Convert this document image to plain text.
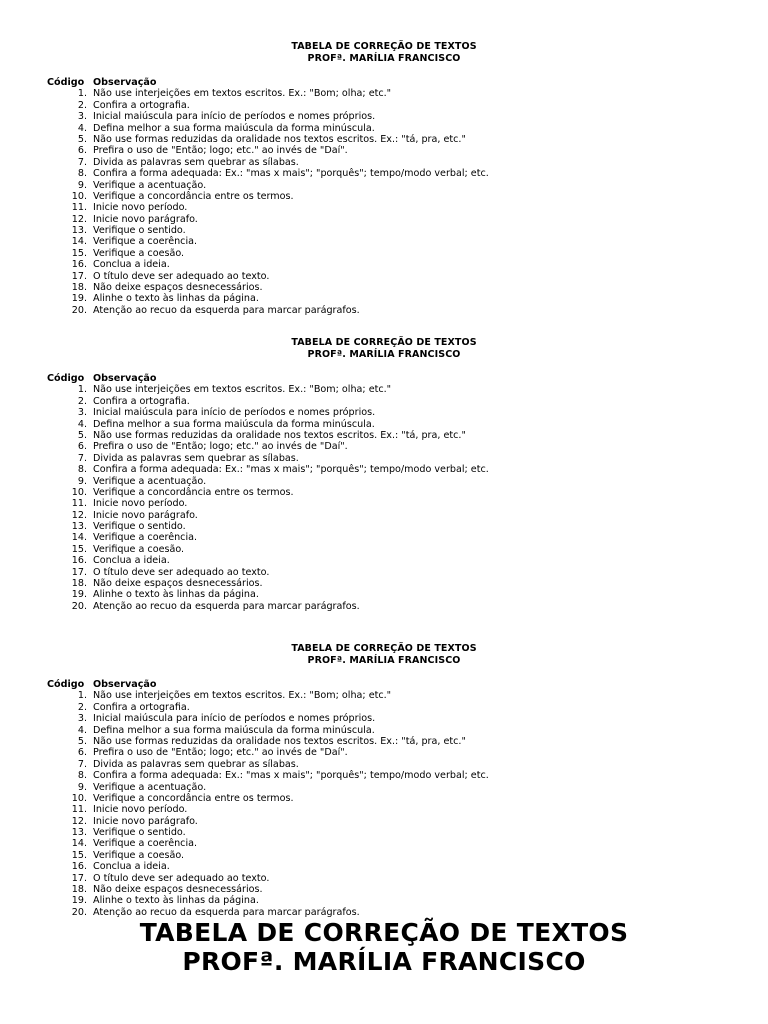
TABELA DE CORREÇÃO DE TEXTOS
PROFª. MARÍLIA FRANCISCO
Código Observação
1. Não use interjeições em textos escritos. Ex.: "Bom; olha; etc."
2. Confira a ortografia.
3. Inicial maiúscula para início de períodos e nomes próprios.
4. Defina melhor a sua forma maiúscula da forma minúscula.
5. Não use formas reduzidas da oralidade nos textos escritos. Ex.: "tá, pra, etc."
6. Prefira o uso de "Então; logo; etc." ao invés de "Daí".
7. Divida as palavras sem quebrar as sílabas.
8. Confira a forma adequada: Ex.: "mas x mais"; "porquês"; tempo/modo verbal; etc.
9. Verifique a acentuação.
10. Verifique a concordância entre os termos.
11. Inicie novo período.
12. Inicie novo parágrafo.
13. Verifique o sentido.
14. Verifique a coerência.
15. Verifique a coesão.
16. Conclua a ideia.
17. O título deve ser adequado ao texto.
18. Não deixe espaços desnecessários.
19. Alinhe o texto às linhas da página.
20. Atenção ao recuo da esquerda para marcar parágrafos.
TABELA DE CORREÇÃO DE TEXTOS
PROFª. MARÍLIA FRANCISCO
Código Observação
1. Não use interjeições em textos escritos. Ex.: "Bom; olha; etc."
2. Confira a ortografia.
3. Inicial maiúscula para início de períodos e nomes próprios.
4. Defina melhor a sua forma maiúscula da forma minúscula.
5. Não use formas reduzidas da oralidade nos textos escritos. Ex.: "tá, pra, etc."
6. Prefira o uso de "Então; logo; etc." ao invés de "Daí".
7. Divida as palavras sem quebrar as sílabas.
8. Confira a forma adequada: Ex.: "mas x mais"; "porquês"; tempo/modo verbal; etc.
9. Verifique a acentuação.
10. Verifique a concordância entre os termos.
11. Inicie novo período.
12. Inicie novo parágrafo.
13. Verifique o sentido.
14. Verifique a coerência.
15. Verifique a coesão.
16. Conclua a ideia.
17. O título deve ser adequado ao texto.
18. Não deixe espaços desnecessários.
19. Alinhe o texto às linhas da página.
20. Atenção ao recuo da esquerda para marcar parágrafos.
TABELA DE CORREÇÃO DE TEXTOS
PROFª. MARÍLIA FRANCISCO
Código Observação
1. Não use interjeições em textos escritos. Ex.: "Bom; olha; etc."
2. Confira a ortografia.
3. Inicial maiúscula para início de períodos e nomes próprios.
4. Defina melhor a sua forma maiúscula da forma minúscula.
5. Não use formas reduzidas da oralidade nos textos escritos. Ex.: "tá, pra, etc."
6. Prefira o uso de "Então; logo; etc." ao invés de "Daí".
7. Divida as palavras sem quebrar as sílabas.
8. Confira a forma adequada: Ex.: "mas x mais"; "porquês"; tempo/modo verbal; etc.
9. Verifique a acentuação.
10. Verifique a concordância entre os termos.
11. Inicie novo período.
12. Inicie novo parágrafo.
13. Verifique o sentido.
14. Verifique a coerência.
15. Verifique a coesão.
16. Conclua a ideia.
17. O título deve ser adequado ao texto.
18. Não deixe espaços desnecessários.
19. Alinhe o texto às linhas da página.
20. Atenção ao recuo da esquerda para marcar parágrafos.
TABELA DE CORREÇÃO DE TEXTOS
PROFª. MARÍLIA FRANCISCO
